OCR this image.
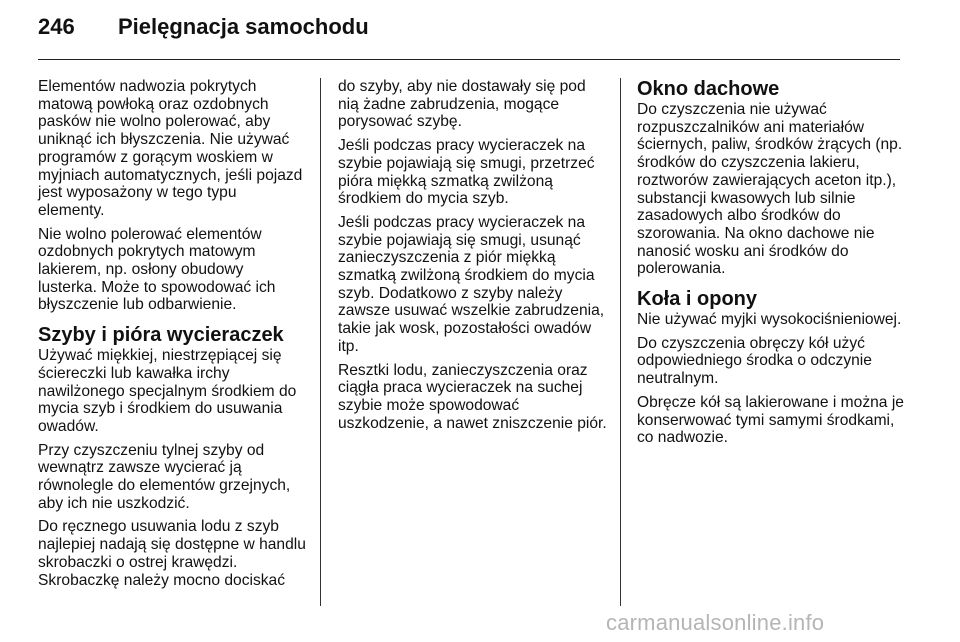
246 Pielęgnacja samochodu

Elementów nadwozia pokrytych matową powłoką oraz ozdobnych pasków nie wolno polerować, aby uniknąć ich błyszczenia. Nie używać programów z gorącym woskiem w myjniach automatycznych, jeśli pojazd jest wyposażony w tego typu elementy.

Nie wolno polerować elementów ozdobnych pokrytych matowym lakierem, np. osłony obudowy lusterka. Może to spowodować ich błyszczenie lub odbarwienie.

Szyby i pióra wycieraczek

Używać miękkiej, niestrzępiącej się ściereczki lub kawałka irchy nawilżonego specjalnym środkiem do mycia szyb i środkiem do usuwania owadów.

Przy czyszczeniu tylnej szyby od wewnątrz zawsze wycierać ją równolegle do elementów grzejnych, aby ich nie uszkodzić.

Do ręcznego usuwania lodu z szyb najlepiej nadają się dostępne w handlu skrobaczki o ostrej krawędzi. Skrobaczkę należy mocno dociskać

do szyby, aby nie dostawały się pod nią żadne zabrudzenia, mogące porysować szybę.

Jeśli podczas pracy wycieraczek na szybie pojawiają się smugi, przetrzeć pióra miękką szmatką zwilżoną środkiem do mycia szyb.

Jeśli podczas pracy wycieraczek na szybie pojawiają się smugi, usunąć zanieczyszczenia z piór miękką szmatką zwilżoną środkiem do mycia szyb. Dodatkowo z szyby należy zawsze usuwać wszelkie zabrudzenia, takie jak wosk, pozostałości owadów itp.

Resztki lodu, zanieczyszczenia oraz ciągła praca wycieraczek na suchej szybie może spowodować uszkodzenie, a nawet zniszczenie piór.

Okno dachowe

Do czyszczenia nie używać rozpuszczalników ani materiałów ściernych, paliw, środków żrących (np. środków do czyszczenia lakieru, roztworów zawierających aceton itp.), substancji kwasowych lub silnie zasadowych albo środków do szorowania. Na okno dachowe nie nanosić wosku ani środków do polerowania.

Koła i opony

Nie używać myjki wysokociśnieniowej.

Do czyszczenia obręczy kół użyć odpowiedniego środka o odczynie neutralnym.

Obręcze kół są lakierowane i można je konserwować tymi samymi środkami, co nadwozie.

carmanualsonline.info
